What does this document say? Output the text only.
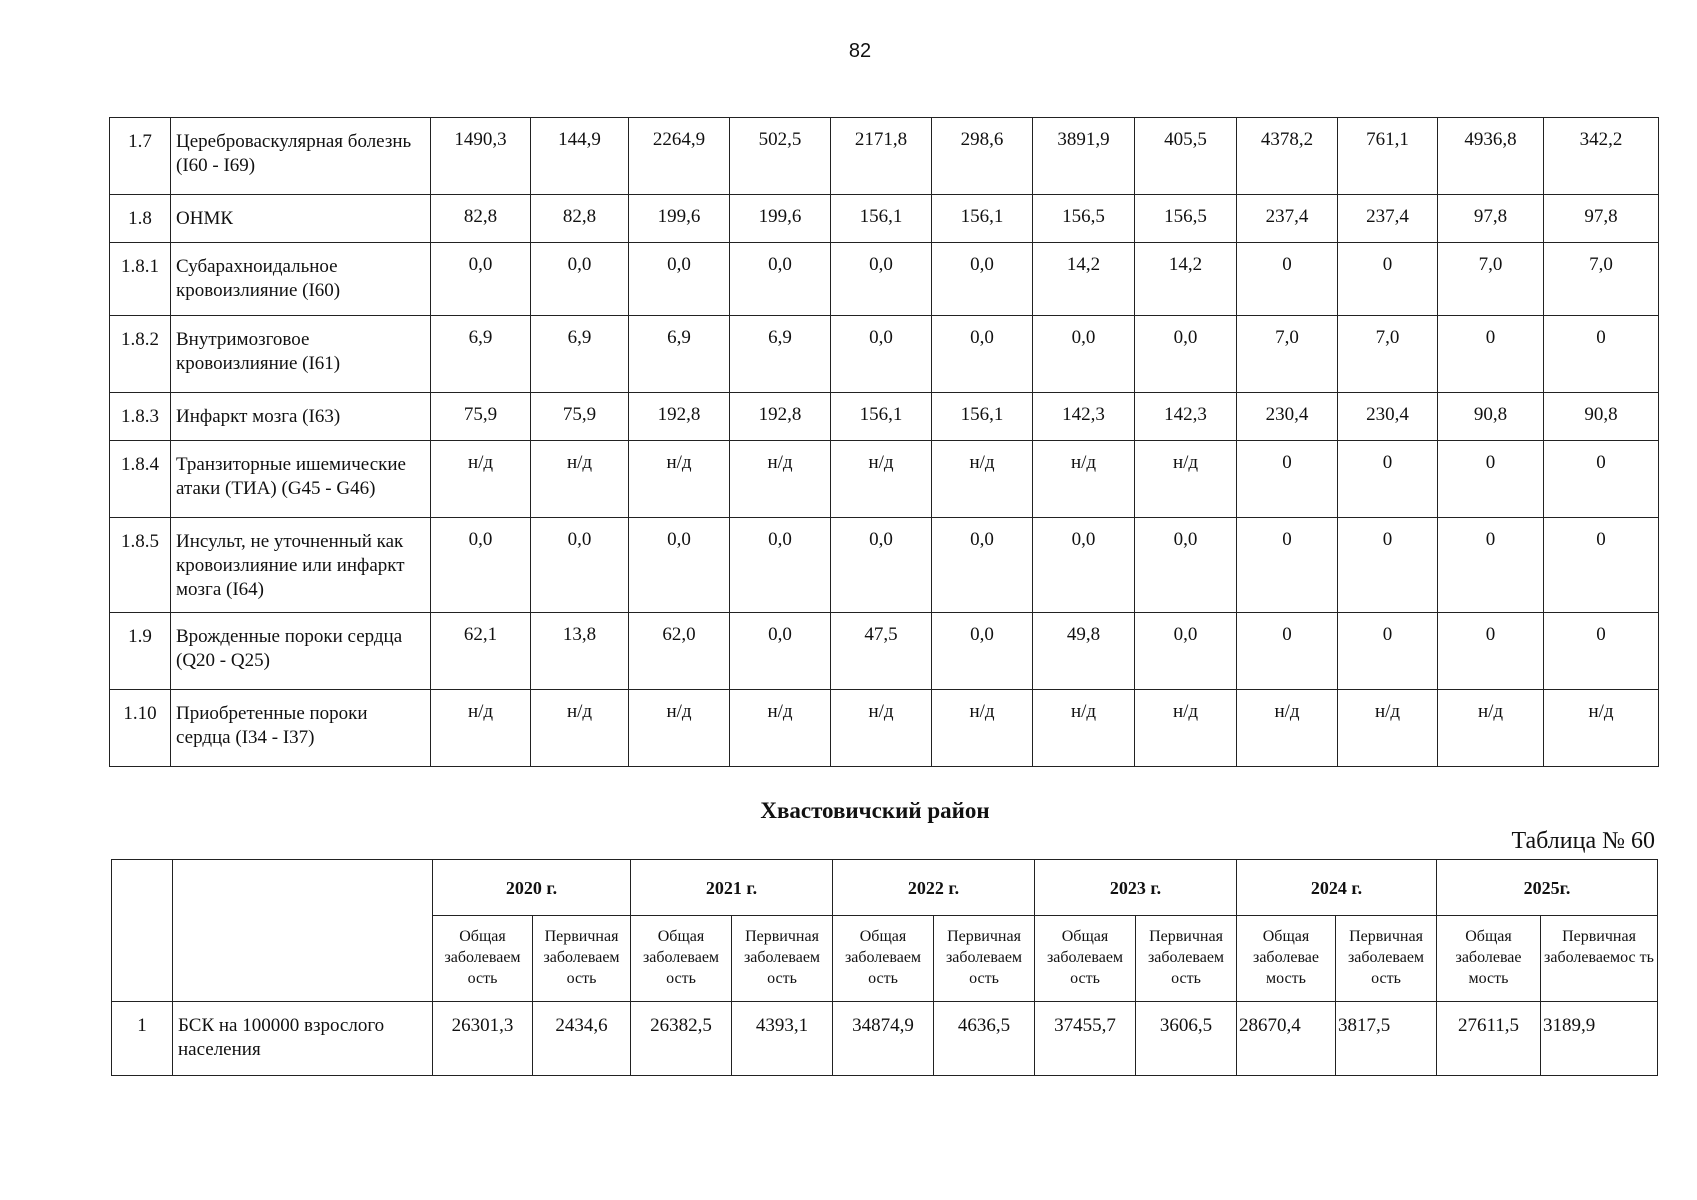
82
1.7	Цереброваскулярная болезнь (I60 - I69)	1490,3	144,9	2264,9	502,5	2171,8	298,6	3891,9	405,5	4378,2	761,1	4936,8	342,2
1.8	ОНМК	82,8	82,8	199,6	199,6	156,1	156,1	156,5	156,5	237,4	237,4	97,8	97,8
1.8.1	Субарахноидальное кровоизлияние (I60)	0,0	0,0	0,0	0,0	0,0	0,0	14,2	14,2	0	0	7,0	7,0
1.8.2	Внутримозговое кровоизлияние (I61)	6,9	6,9	6,9	6,9	0,0	0,0	0,0	0,0	7,0	7,0	0	0
1.8.3	Инфаркт мозга (I63)	75,9	75,9	192,8	192,8	156,1	156,1	142,3	142,3	230,4	230,4	90,8	90,8
1.8.4	Транзиторные ишемические атаки (ТИА) (G45 - G46)	н/д	н/д	н/д	н/д	н/д	н/д	н/д	н/д	0	0	0	0
1.8.5	Инсульт, не уточненный как кровоизлияние или инфаркт мозга (I64)	0,0	0,0	0,0	0,0	0,0	0,0	0,0	0,0	0	0	0	0
1.9	Врожденные пороки сердца (Q20 - Q25)	62,1	13,8	62,0	0,0	47,5	0,0	49,8	0,0	0	0	0	0
1.10	Приобретенные пороки сердца (I34 - I37)	н/д	н/д	н/д	н/д	н/д	н/д	н/д	н/д	н/д	н/д	н/д	н/д
Хвастовичский район
Таблица № 60
		2020 г.		2021 г.		2022 г.		2023 г.		2024 г.		2025г.	
		Общая заболеваем ость	Первичная заболеваем ость	Общая заболеваем ость	Первичная заболеваем ость	Общая заболеваем ость	Первичная заболеваем ость	Общая заболеваем ость	Первичная заболеваем ость	Общая заболевае мость	Первичная заболеваем ость	Общая заболевае мость	Первичная заболеваемос ть
1	БСК на 100000 взрослого населения	26301,3	2434,6	26382,5	4393,1	34874,9	4636,5	37455,7	3606,5	28670,4	3817,5	27611,5	3189,9
